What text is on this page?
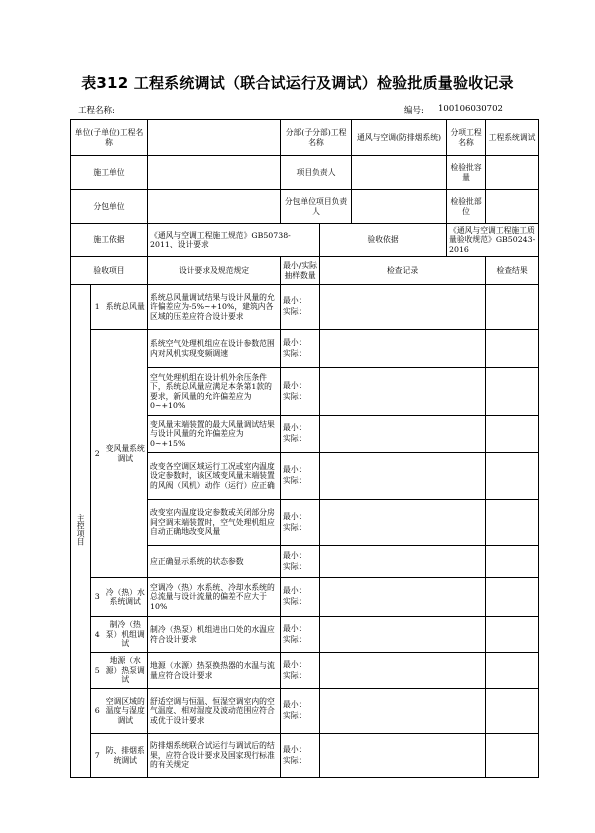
表312 工程系统调试（联合试运行及调试）检验批质量验收记录
工程名称:	编号: 100106030702
单位(子单位)工程名称				分部(子分部)工程名称		通风与空调(防排烟系统)	分项工程名称	工程系统调试
施工单位				项目负责人			检验批容量	
分包单位				分包单位项目负责人			检验批部位	
施工依据			《通风与空调工程施工规范》GB50738-2011、设计要求		验收依据		《通风与空调工程施工质量验收规范》GB50243-2016	
验收项目			设计要求及规范规定	最小/实际抽样数量	检查记录			检查结果
主控项目	1	系统总风量	系统总风量调试结果与设计风量的允许偏差应为-5%~+10%，建筑内各区域的压差应符合设计要求	最小：
实际：				

	2	变风量系统调试	系统空气处理机组应在设计参数范围内对风机实现变频调速	最小：
实际：				

			空气处理机组在设计机外余压条件下，系统总风量应满足本条第1款的要求，新风量的允许偏差应为0~+10%	最小：
实际：				

			变风量末端装置的最大风量调试结果与设计风量的允许偏差应为0~+15%	最小：
实际：				

			改变各空调区域运行工况或室内温度设定参数时，该区域变风量末端装置的风阀（风机）动作（运行）应正确	最小：
实际：				

			改变室内温度设定参数或关闭部分房间空调末端装置时，空气处理机组应自动正确地改变风量	最小：
实际：				

			应正确显示系统的状态参数	最小：
实际：				

	3	冷（热）水系统调试	空调冷（热）水系统、冷却水系统的总流量与设计流量的偏差不应大于10%	最小：
实际：				

	4	制冷（热泵）机组调试	制冷（热泵）机组进出口处的水温应符合设计要求	最小：
实际：				

	5	地源（水源）热泵调试	地源（水源）热泵换热器的水温与流量应符合设计要求	最小：
实际：				

	6	空调区域的温度与湿度调试	舒适空调与恒温、恒湿空调室内的空气温度、相对湿度及波动范围应符合或优于设计要求	最小：
实际：				

	7	防、排烟系统调试	防排烟系统联合试运行与调试后的结果，应符合设计要求及国家现行标准的有关规定	最小：
实际：				
